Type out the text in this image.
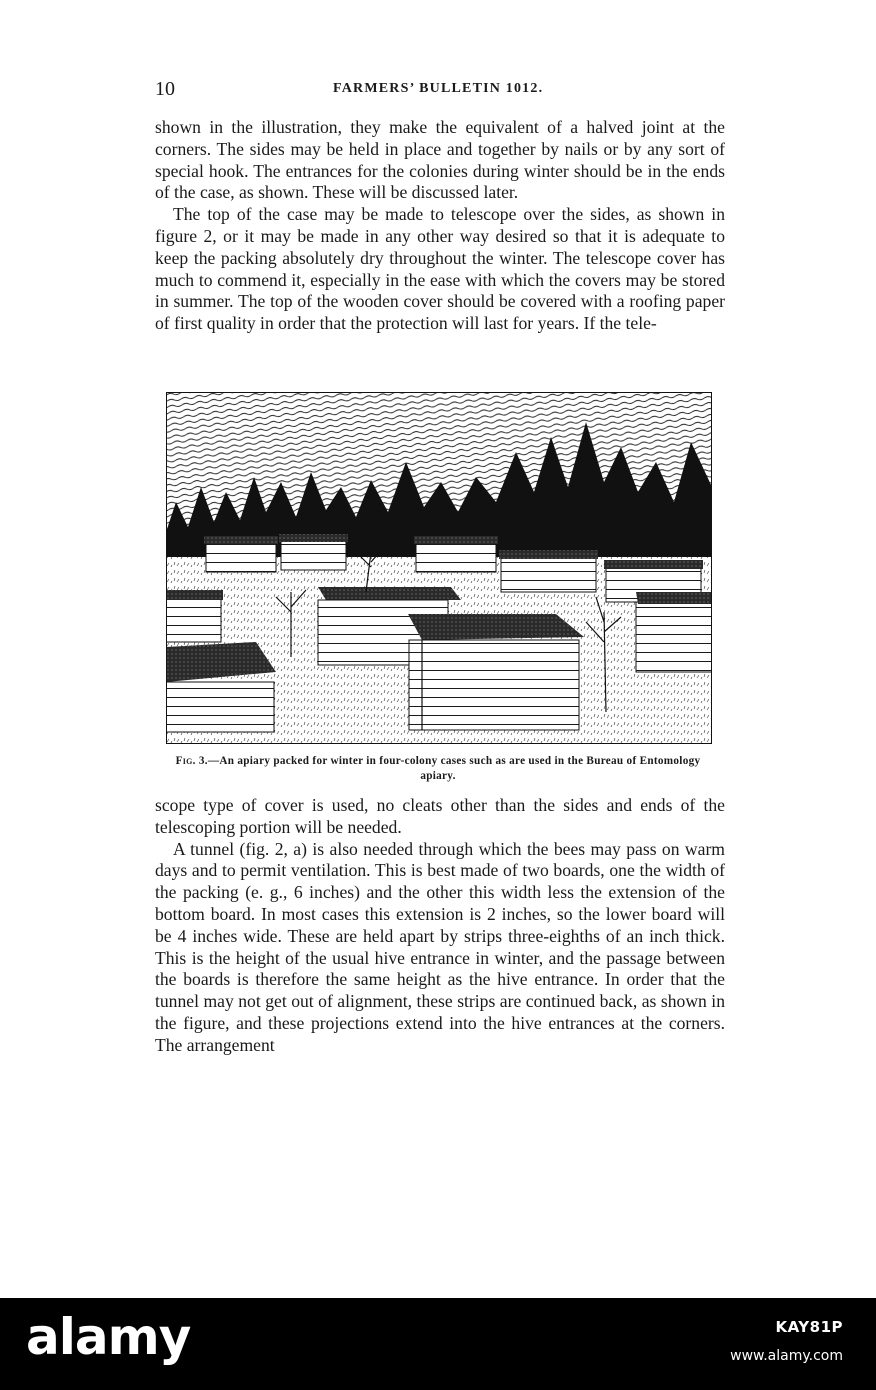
10	FARMERS’ BULLETIN 1012.

shown in the illustration, they make the equivalent of a halved joint at the corners. The sides may be held in place and together by nails or by any sort of special hook. The entrances for the colonies during winter should be in the ends of the case, as shown. These will be discussed later.

The top of the case may be made to telescope over the sides, as shown in figure 2, or it may be made in any other way desired so that it is adequate to keep the packing absolutely dry throughout the winter. The telescope cover has much to commend it, especially in the ease with which the covers may be stored in summer. The top of the wooden cover should be covered with a roofing paper of first quality in order that the protection will last for years. If the tele-

Fig. 3.—An apiary packed for winter in four-colony cases such as are used in the Bureau of Entomology apiary.

scope type of cover is used, no cleats other than the sides and ends of the telescoping portion will be needed.

A tunnel (fig. 2, a) is also needed through which the bees may pass on warm days and to permit ventilation. This is best made of two boards, one the width of the packing (e. g., 6 inches) and the other this width less the extension of the bottom board. In most cases this extension is 2 inches, so the lower board will be 4 inches wide. These are held apart by strips three-eighths of an inch thick. This is the height of the usual hive entrance in winter, and the passage between the boards is therefore the same height as the hive entrance. In order that the tunnel may not get out of alignment, these strips are continued back, as shown in the figure, and these projections extend into the hive entrances at the corners. The arrangement

alamy	KAY81P
www.alamy.com
